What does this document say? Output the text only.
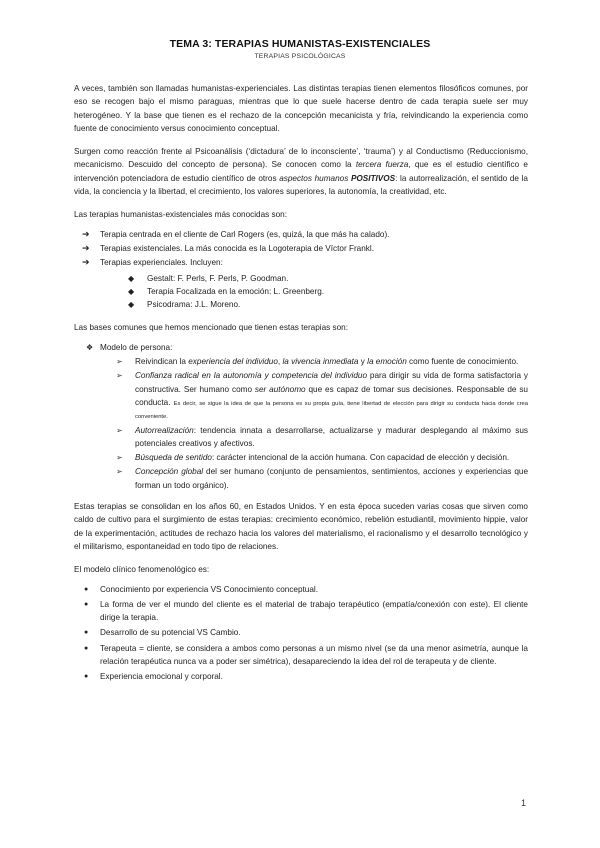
TEMA 3: TERAPIAS HUMANISTAS-EXISTENCIALES
TERAPIAS PSICOLÓGICAS

A veces, también son llamadas humanistas-experienciales. Las distintas terapias tienen elementos filosóficos comunes, por eso se recogen bajo el mismo paraguas, mientras que lo que suele hacerse dentro de cada terapia suele ser muy heterogéneo. Y la base que tienen es el rechazo de la concepción mecanicista y fría, reivindicando la experiencia como fuente de conocimiento versus conocimiento conceptual.

Surgen como reacción frente al Psicoanálisis (‘dictadura’ de lo inconsciente’, ‘trauma’) y al Conductismo (Reduccionismo, mecanicismo. Descuido del concepto de persona). Se conocen como la tercera fuerza, que es el estudio científico e intervención potenciadora de estudio científico de otros aspectos humanos POSITIVOS: la autorrealización, el sentido de la vida, la conciencia y la libertad, el crecimiento, los valores superiores, la autonomía, la creatividad, etc.

Las terapias humanistas-existenciales más conocidas son:

➔ Terapia centrada en el cliente de Carl Rogers (es, quizá, la que más ha calado).
➔ Terapias existenciales. La más conocida es la Logoterapia de Víctor Frankl.
➔ Terapias experienciales. Incluyen:
◆ Gestalt: F. Perls, F. Perls, P. Goodman.
◆ Terapia Focalizada en la emoción: L. Greenberg.
◆ Psicodrama: J.L. Moreno.

Las bases comunes que hemos mencionado que tienen estas terapias son:

❖ Modelo de persona:
➢ Reivindican la experiencia del individuo, la vivencia inmediata y la emoción como fuente de conocimiento.
➢ Confianza radical en la autonomía y competencia del individuo para dirigir su vida de forma satisfactoria y constructiva. Ser humano como ser autónomo que es capaz de tomar sus decisiones. Responsable de su conducta. Es decir, se sigue la idea de que la persona es su propia guía, tiene libertad de elección para dirigir su conducta hacia donde crea conveniente.
➢ Autorrealización: tendencia innata a desarrollarse, actualizarse y madurar desplegando al máximo sus potenciales creativos y afectivos.
➢ Búsqueda de sentido: carácter intencional de la acción humana. Con capacidad de elección y decisión.
➢ Concepción global del ser humano (conjunto de pensamientos, sentimientos, acciones y experiencias que forman un todo orgánico).

Estas terapias se consolidan en los años 60, en Estados Unidos. Y en esta época suceden varias cosas que sirven como caldo de cultivo para el surgimiento de estas terapias: crecimiento económico, rebelión estudiantil, movimiento hippie, valor de la experimentación, actitudes de rechazo hacia los valores del materialismo, el racionalismo y el desarrollo tecnológico y el militarismo, espontaneidad en todo tipo de relaciones.

El modelo clínico fenomenológico es:

● Conocimiento por experiencia VS Conocimiento conceptual.
● La forma de ver el mundo del cliente es el material de trabajo terapéutico (empatía/conexión con este). El cliente dirige la terapia.
● Desarrollo de su potencial VS Cambio.
● Terapeuta = cliente, se considera a ambos como personas a un mismo nivel (se da una menor asimetría, aunque la relación terapéutica nunca va a poder ser simétrica), desapareciendo la idea del rol de terapeuta y de cliente.
● Experiencia emocional y corporal.
1
